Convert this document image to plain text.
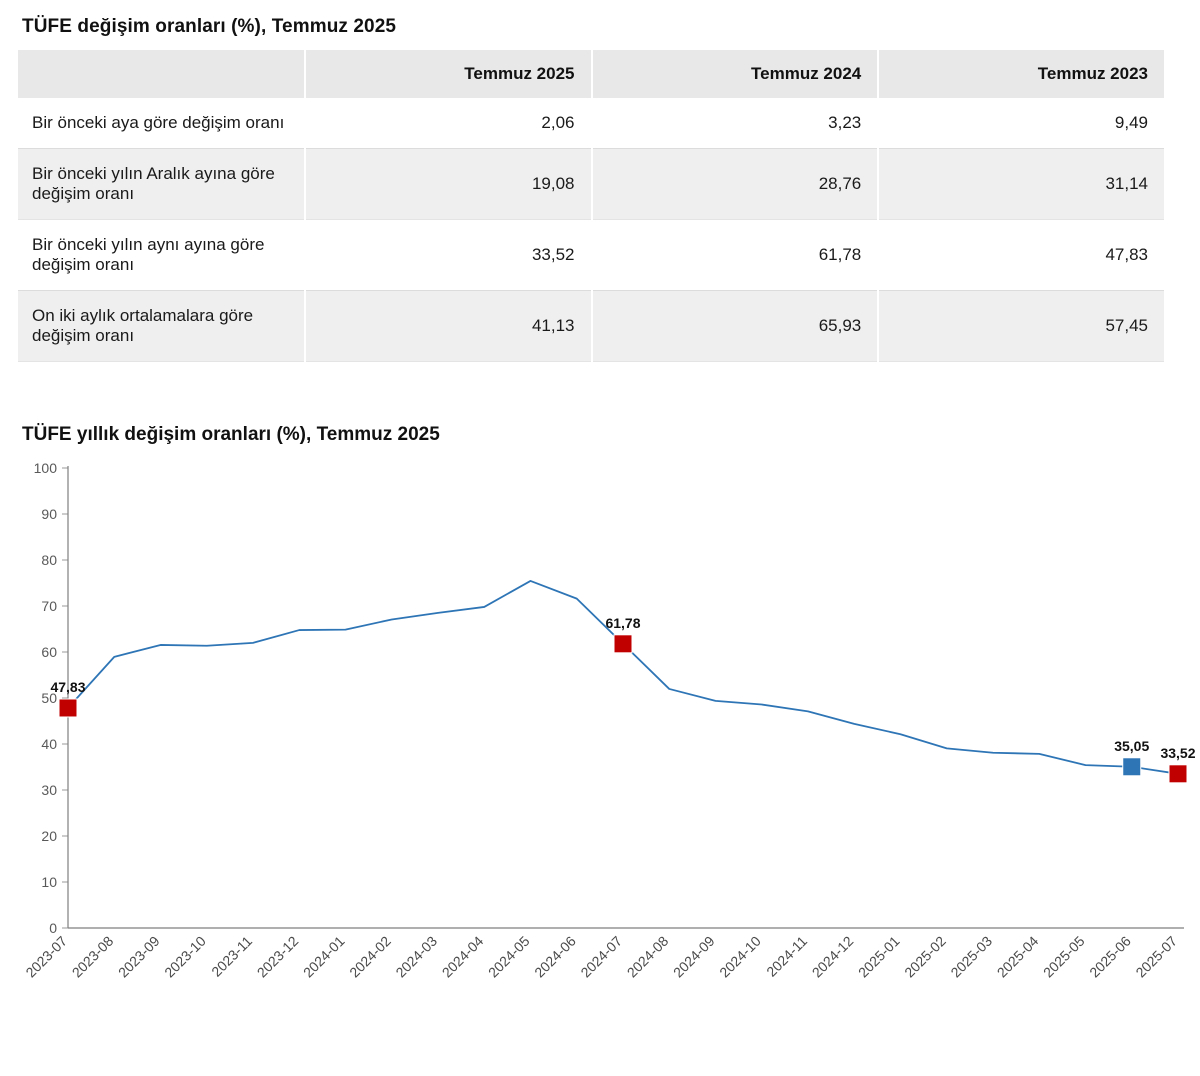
TÜFE değişim oranları (%), Temmuz 2025
	Temmuz 2025	Temmuz 2024	Temmuz 2023
Bir önceki aya göre değişim oranı	2,06	3,23	9,49
Bir önceki yılın Aralık ayına göre değişim oranı	19,08	28,76	31,14
Bir önceki yılın aynı ayına göre değişim oranı	33,52	61,78	47,83
On iki aylık ortalamalara göre değişim oranı	41,13	65,93	57,45
TÜFE yıllık değişim oranları (%), Temmuz 2025
0
10
20
30
40
50
60
70
80
90
100
47,83
61,78
35,05 33,52
2023-07
2023-08
2023-09
2023-10 2023-11
2023-12
2024-01
2024-02
2024-03
2024-04
2024-05
2024-06
2024-07
2024-08
2024-09
2024-10 2024-11
2024-12
2025-01
2025-02
2025-03
2025-04
2025-05
2025-06
2025-07
